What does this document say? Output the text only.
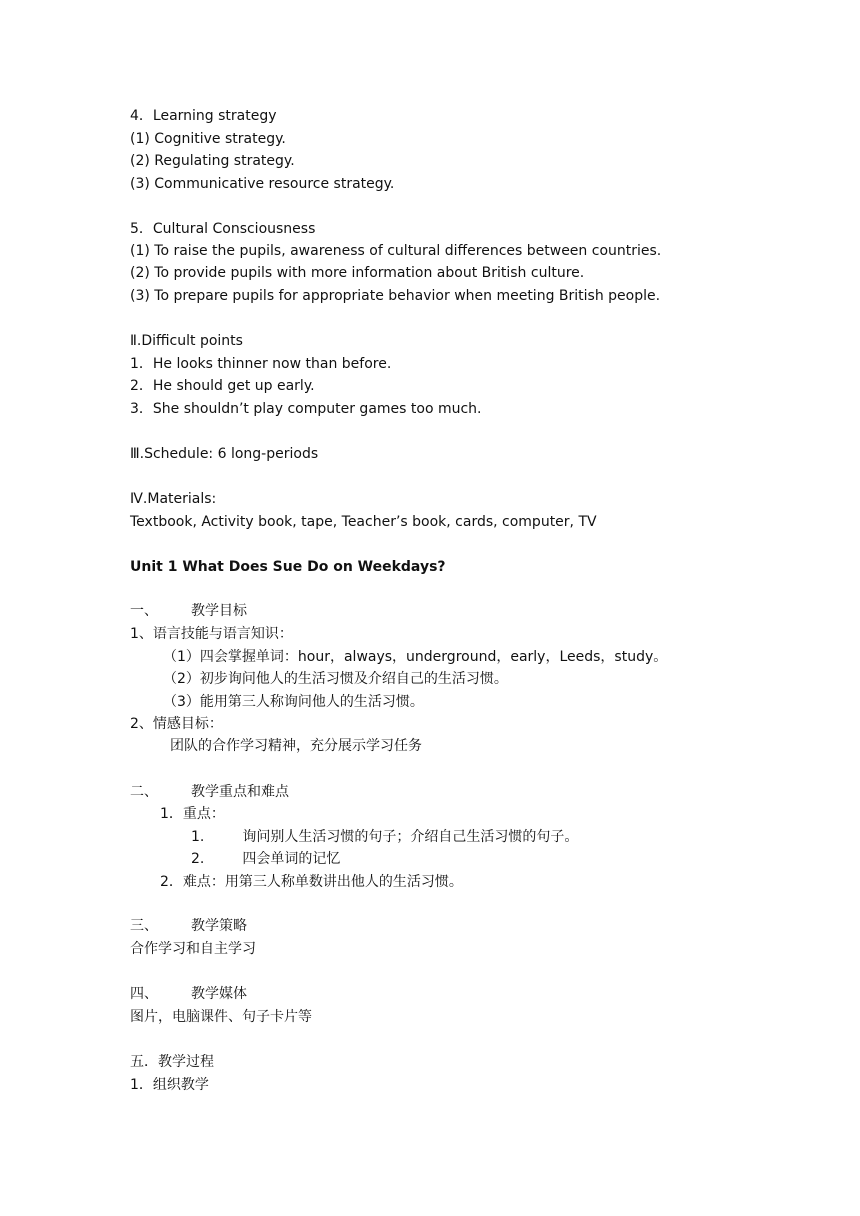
4．Learning strategy
(1) Cognitive strategy.
(2) Regulating strategy.
(3) Communicative resource strategy.
5．Cultural Consciousness
(1) To raise the pupils, awareness of cultural differences between countries.
(2) To provide pupils with more information about British culture.
(3) To prepare pupils for appropriate behavior when meeting British people.
Ⅱ.Difficult points
1．He looks thinner now than before.
2．He should get up early.
3．She shouldn’t play computer games too much.
Ⅲ.Schedule: 6 long-periods
Ⅳ.Materials:
Textbook, Activity book, tape, Teacher’s book, cards, computer, TV
Unit 1 What Does Sue Do on Weekdays?
一、 教学目标
1、语言技能与语言知识：
（1）四会掌握单词：hour，always，underground，early，Leeds，study。
（2）初步询问他人的生活习惯及介绍自己的生活习惯。
（3）能用第三人称询问他人的生活习惯。
2、情感目标：
团队的合作学习精神，充分展示学习任务
二、 教学重点和难点
1．重点：
1.	询问别人生活习惯的句子；介绍自己生活习惯的句子。
2.	四会单词的记忆
2．难点：用第三人称单数讲出他人的生活习惯。
三、 教学策略
合作学习和自主学习
四、 教学媒体
图片，电脑课件、句子卡片等
五．教学过程
1．组织教学
